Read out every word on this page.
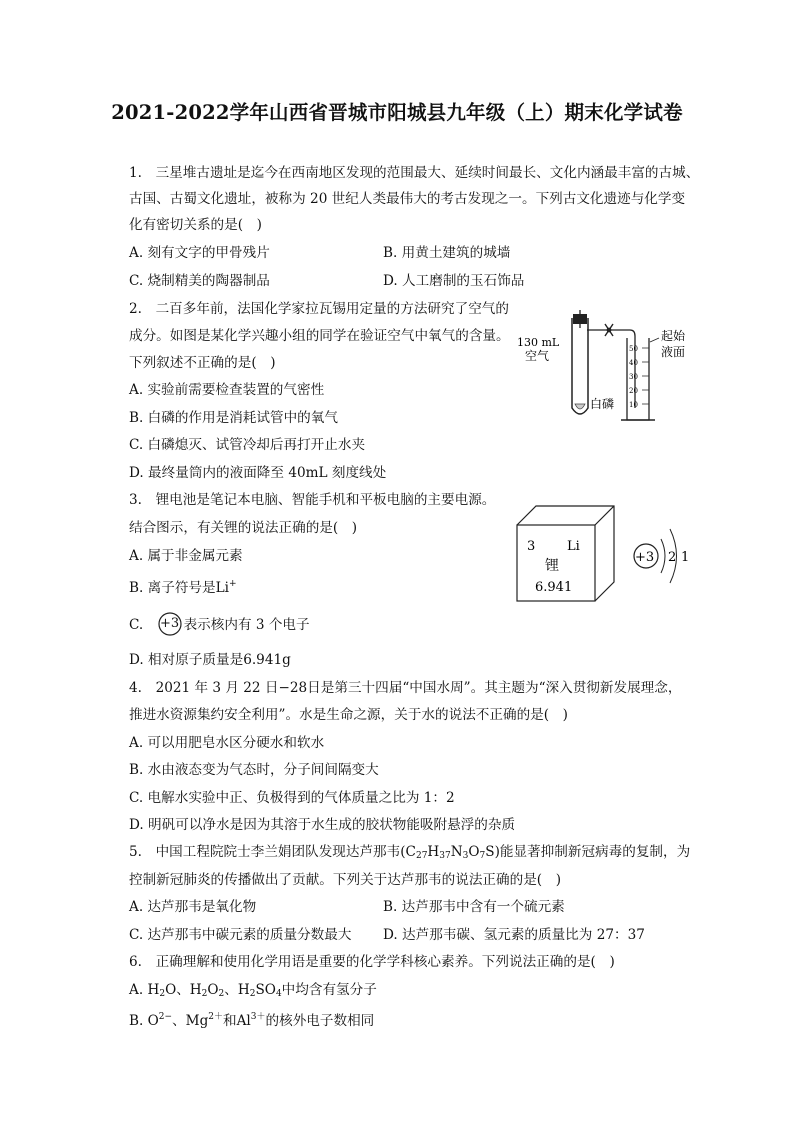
2021-2022学年山西省晋城市阳城县九年级（上）期末化学试卷
1.　三星堆古遗址是迄今在西南地区发现的范围最大、延续时间最长、文化内涵最丰富的古城、
古国、古蜀文化遗址，被称为 20 世纪人类最伟大的考古发现之一。下列古文化遗迹与化学变
化有密切关系的是(　)
A. 刻有文字的甲骨残片	B. 用黄土建筑的城墙
C. 烧制精美的陶器制品	D. 人工磨制的玉石饰品
2.　二百多年前，法国化学家拉瓦锡用定量的方法研究了空气的
成分。如图是某化学兴趣小组的同学在验证空气中氧气的含量。
下列叙述不正确的是(　)
A. 实验前需要检查装置的气密性
B. 白磷的作用是消耗试管中的氧气
C. 白磷熄灭、试管冷却后再打开止水夹
D. 最终量筒内的液面降至 40mL 刻度线处
50
40
30
20
10
130 mL
空气
白磷
起始
液面
3.　锂电池是笔记本电脑、智能手机和平板电脑的主要电源。
结合图示，有关锂的说法正确的是(　)
A. 属于非金属元素
B. 离子符号是Li+
C.	+3 表示核内有 3 个电子
D. 相对原子质量是6.941g
3 Li
锂
6.941
+3 2 1
4.　2021 年 3 月 22 日−28日是第三十四届“中国水周”。其主题为“深入贯彻新发展理念，
推进水资源集约安全利用”。水是生命之源，关于水的说法不正确的是(　)
A. 可以用肥皂水区分硬水和软水
B. 水由液态变为气态时，分子间间隔变大
C. 电解水实验中正、负极得到的气体质量之比为 1：2
D. 明矾可以净水是因为其溶于水生成的胶状物能吸附悬浮的杂质
5.　中国工程院院士李兰娟团队发现达芦那韦$(C_{27}H_{37}N_3O_7S)$能显著抑制新冠病毒的复制，为
控制新冠肺炎的传播做出了贡献。下列关于达芦那韦的说法正确的是(　)
A. 达芦那韦是氧化物	B. 达芦那韦中含有一个硫元素
C. 达芦那韦中碳元素的质量分数最大 D. 达芦那韦碳、氢元素的质量比为 27：37
6.　正确理解和使用化学用语是重要的化学学科核心素养。下列说法正确的是(　)
A. $H_2O$、$H_2O_2$、$H_2SO_4$中均含有氢分子
B. $O^{2-}$、$Mg^{2+}$和$Al^{3+}$的核外电子数相同
